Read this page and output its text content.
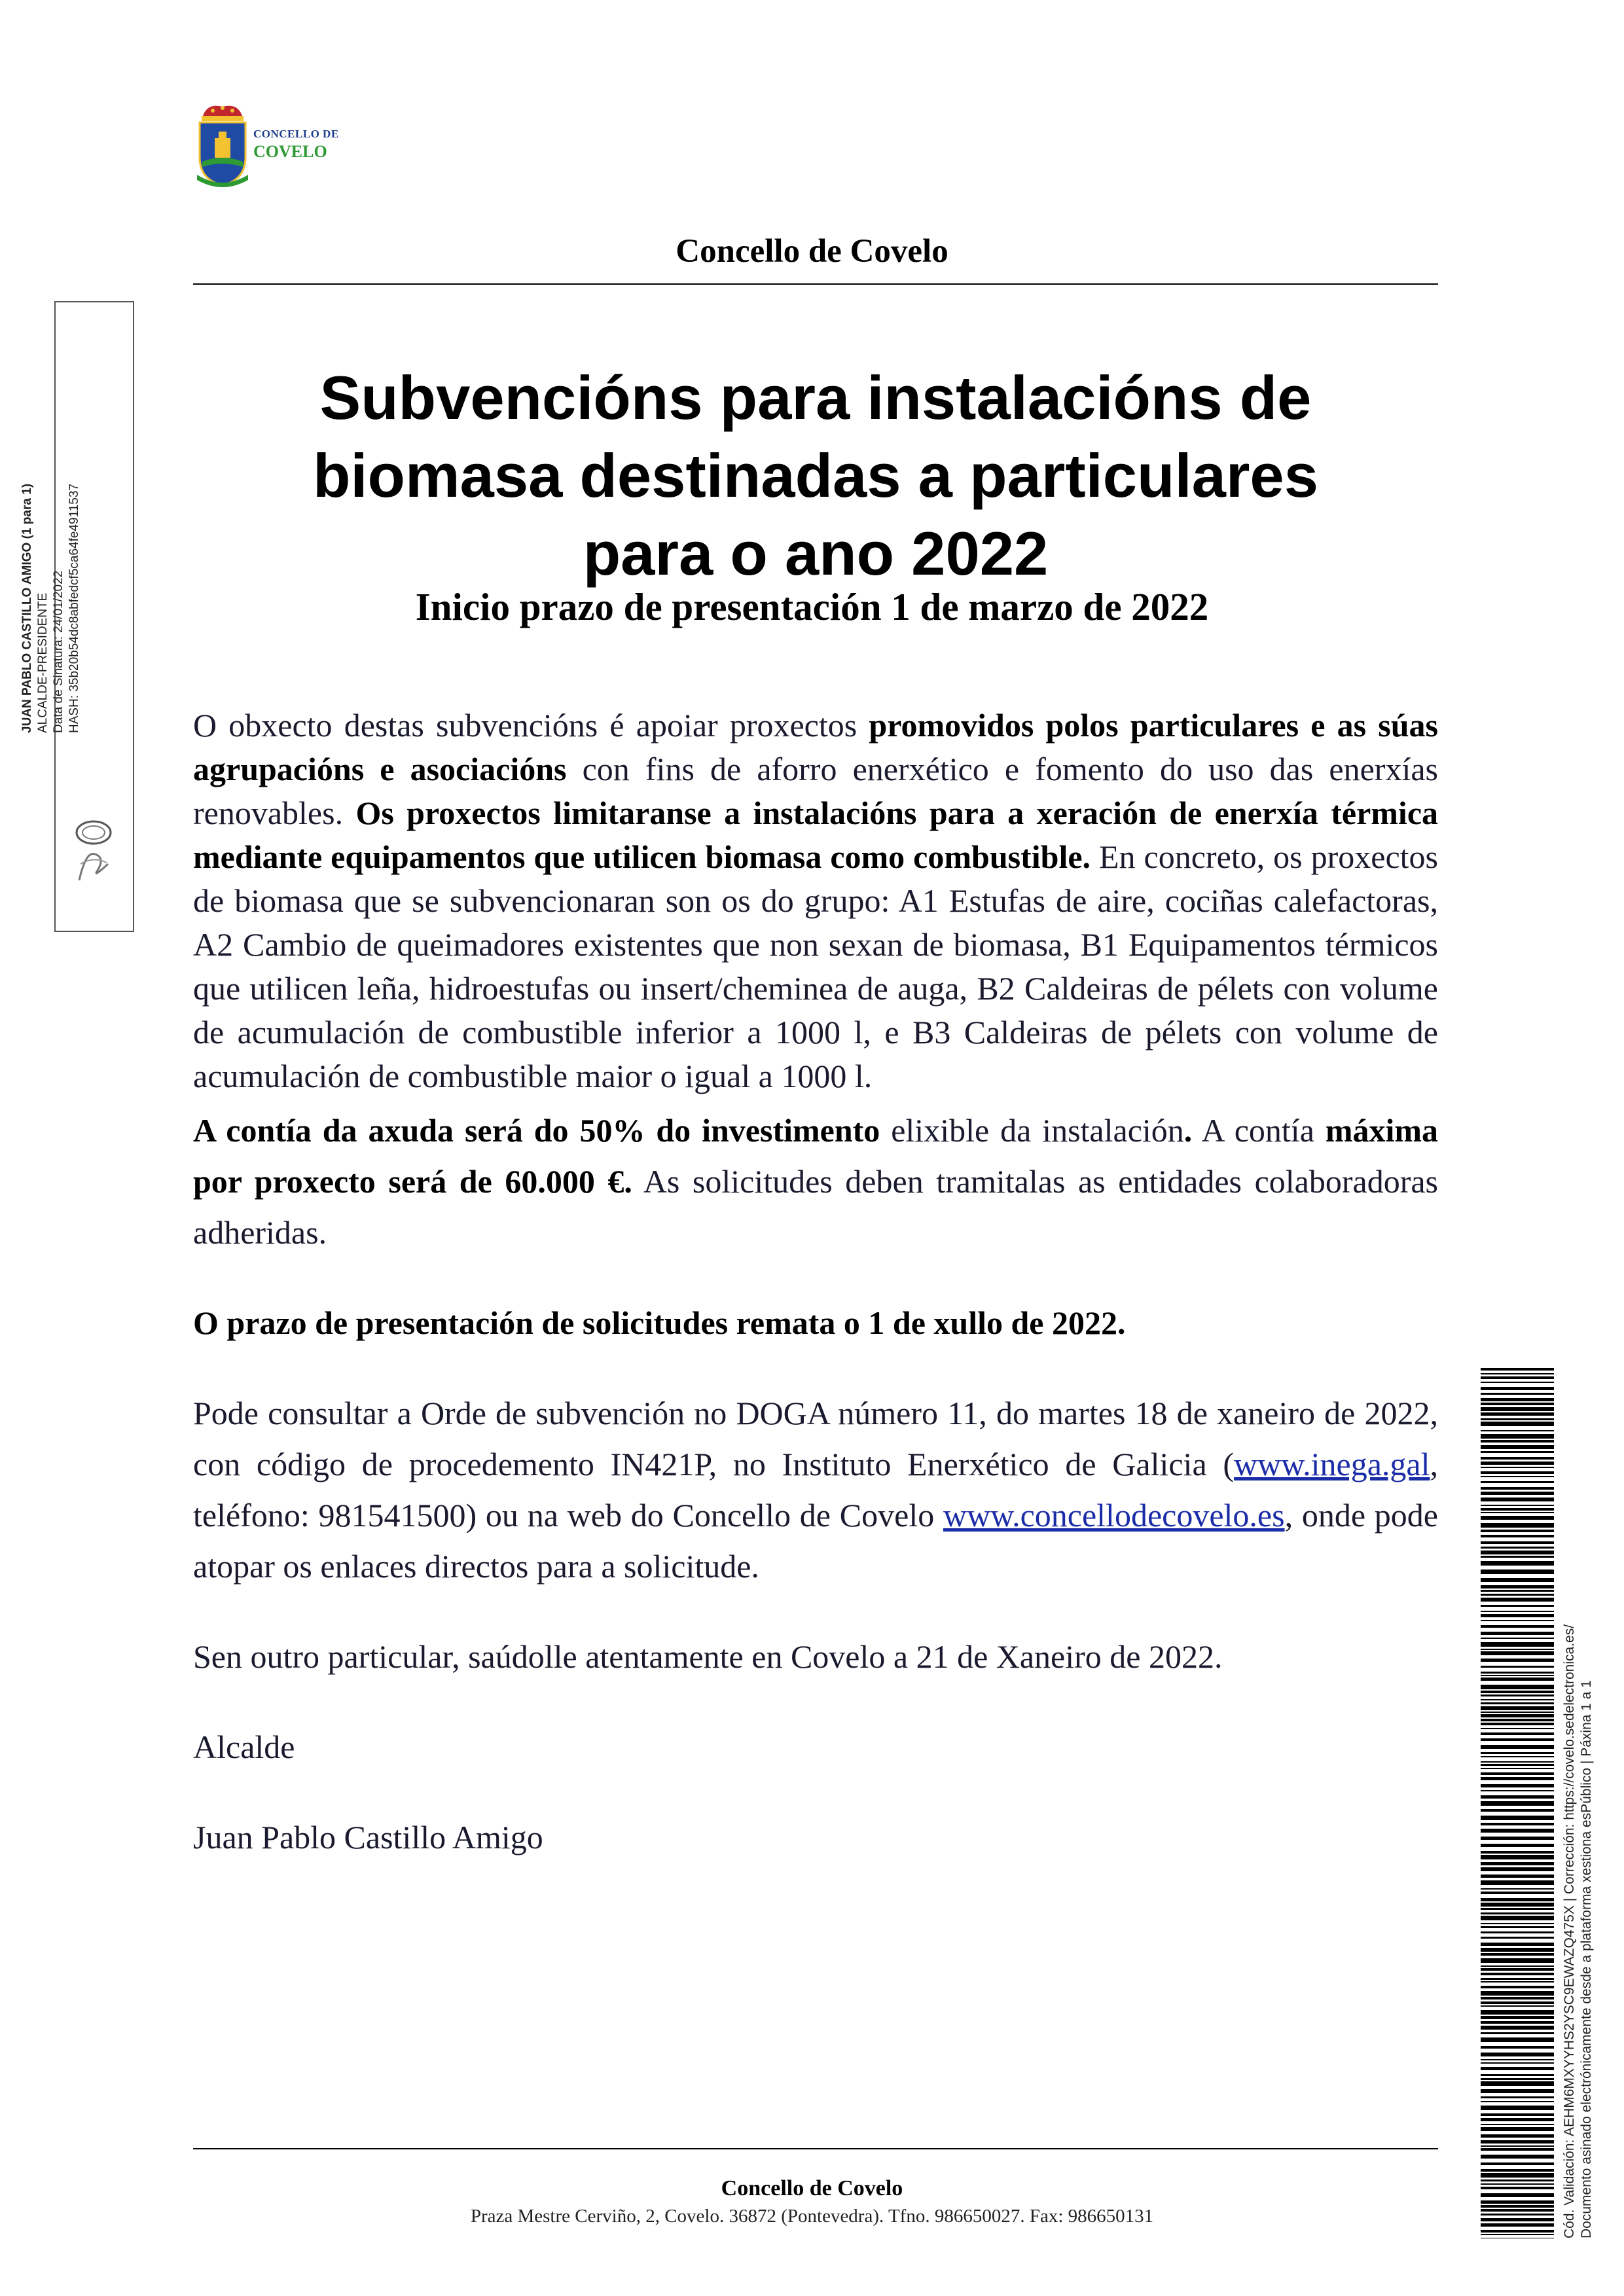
CONCELLO DE
COVELO
Concello de Covelo
Subvencións para instalacións de
biomasa destinadas a particulares
para o ano 2022
Inicio prazo de presentación 1 de marzo de 2022

O obxecto destas subvencións é apoiar proxectos promovidos polos particulares e as súas agrupacións e asociacións con fins de aforro enerxético e fomento do uso das enerxías renovables. Os proxectos limitaranse a instalacións para a xeración de enerxía térmica mediante equipamentos que utilicen biomasa como combustible. En concreto, os proxectos de biomasa que se subvencionaran son os do grupo: A1 Estufas de aire, cociñas calefactoras, A2 Cambio de queimadores existentes que non sexan de biomasa, B1 Equipamentos térmicos que utilicen leña, hidroestufas ou insert/cheminea de auga, B2 Caldeiras de pélets con volume de acumulación de combustible inferior a 1000 l, e B3 Caldeiras de pélets con volume de acumulación de combustible maior o igual a 1000 l.

A contía da axuda será do 50% do investimento elixible da instalación. A contía máxima por proxecto será de 60.000 €. As solicitudes deben tramitalas as entidades colaboradoras adheridas.

O prazo de presentación de solicitudes remata o 1 de xullo de 2022.

Pode consultar a Orde de subvención no DOGA número 11, do martes 18 de xaneiro de 2022, con código de procedemento IN421P, no Instituto Enerxético de Galicia (www.inega.gal, teléfono: 981541500) ou na web do Concello de Covelo www.concellodecovelo.es, onde pode atopar os enlaces directos para a solicitude.

Sen outro particular, saúdolle atentamente en Covelo a 21 de Xaneiro de 2022.

Alcalde

Juan Pablo Castillo Amigo

Concello de Covelo
Praza Mestre Cerviño, 2, Covelo. 36872 (Pontevedra). Tfno. 986650027. Fax: 986650131
JUAN PABLO CASTILLO AMIGO (1 para 1) ALCALDE-PRESIDENTE Data de Sinatura: 24/01/2022 HASH: 35b20b54dc8abfedcf5ca64fe4911537
Cód. Validación: AEHM6MXYYHS2YSC9EWAZQ475X | Corrección: https://covelo.sedelectronica.es/ Documento asinado electrónicamente desde a plataforma xestiona esPúblico | Páxina 1 a 1
